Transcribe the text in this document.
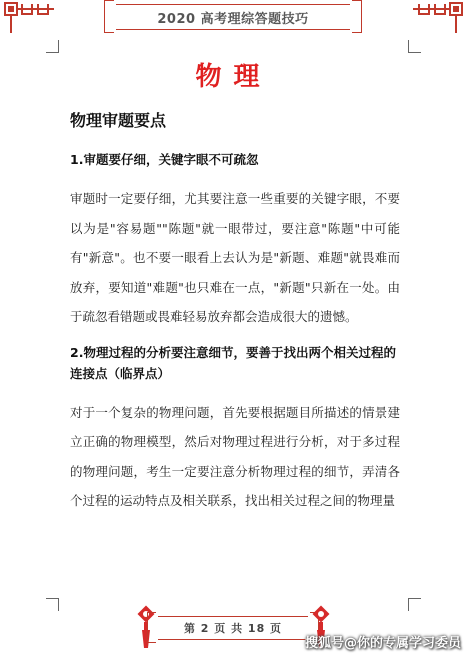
2020 高考理综答题技巧
物理
物理审题要点
1.审题要仔细，关键字眼不可疏忽
审题时一定要仔细，尤其要注意一些重要的关键字眼，不要以为是"容易题""陈题"就一眼带过，要注意"陈题"中可能有"新意"。也不要一眼看上去认为是"新题、难题"就畏难而放弃，要知道"难题"也只难在一点，"新题"只新在一处。由于疏忽看错题或畏难轻易放弃都会造成很大的遗憾。
2.物理过程的分析要注意细节，要善于找出两个相关过程的连接点（临界点）
对于一个复杂的物理问题，首先要根据题目所描述的情景建立正确的物理模型，然后对物理过程进行分析，对于多过程的物理问题，考生一定要注意分析物理过程的细节，弄清各个过程的运动特点及相关联系，找出相关过程之间的物理量
第 2 页 共 18 页
搜狐号@你的专属学习委员
